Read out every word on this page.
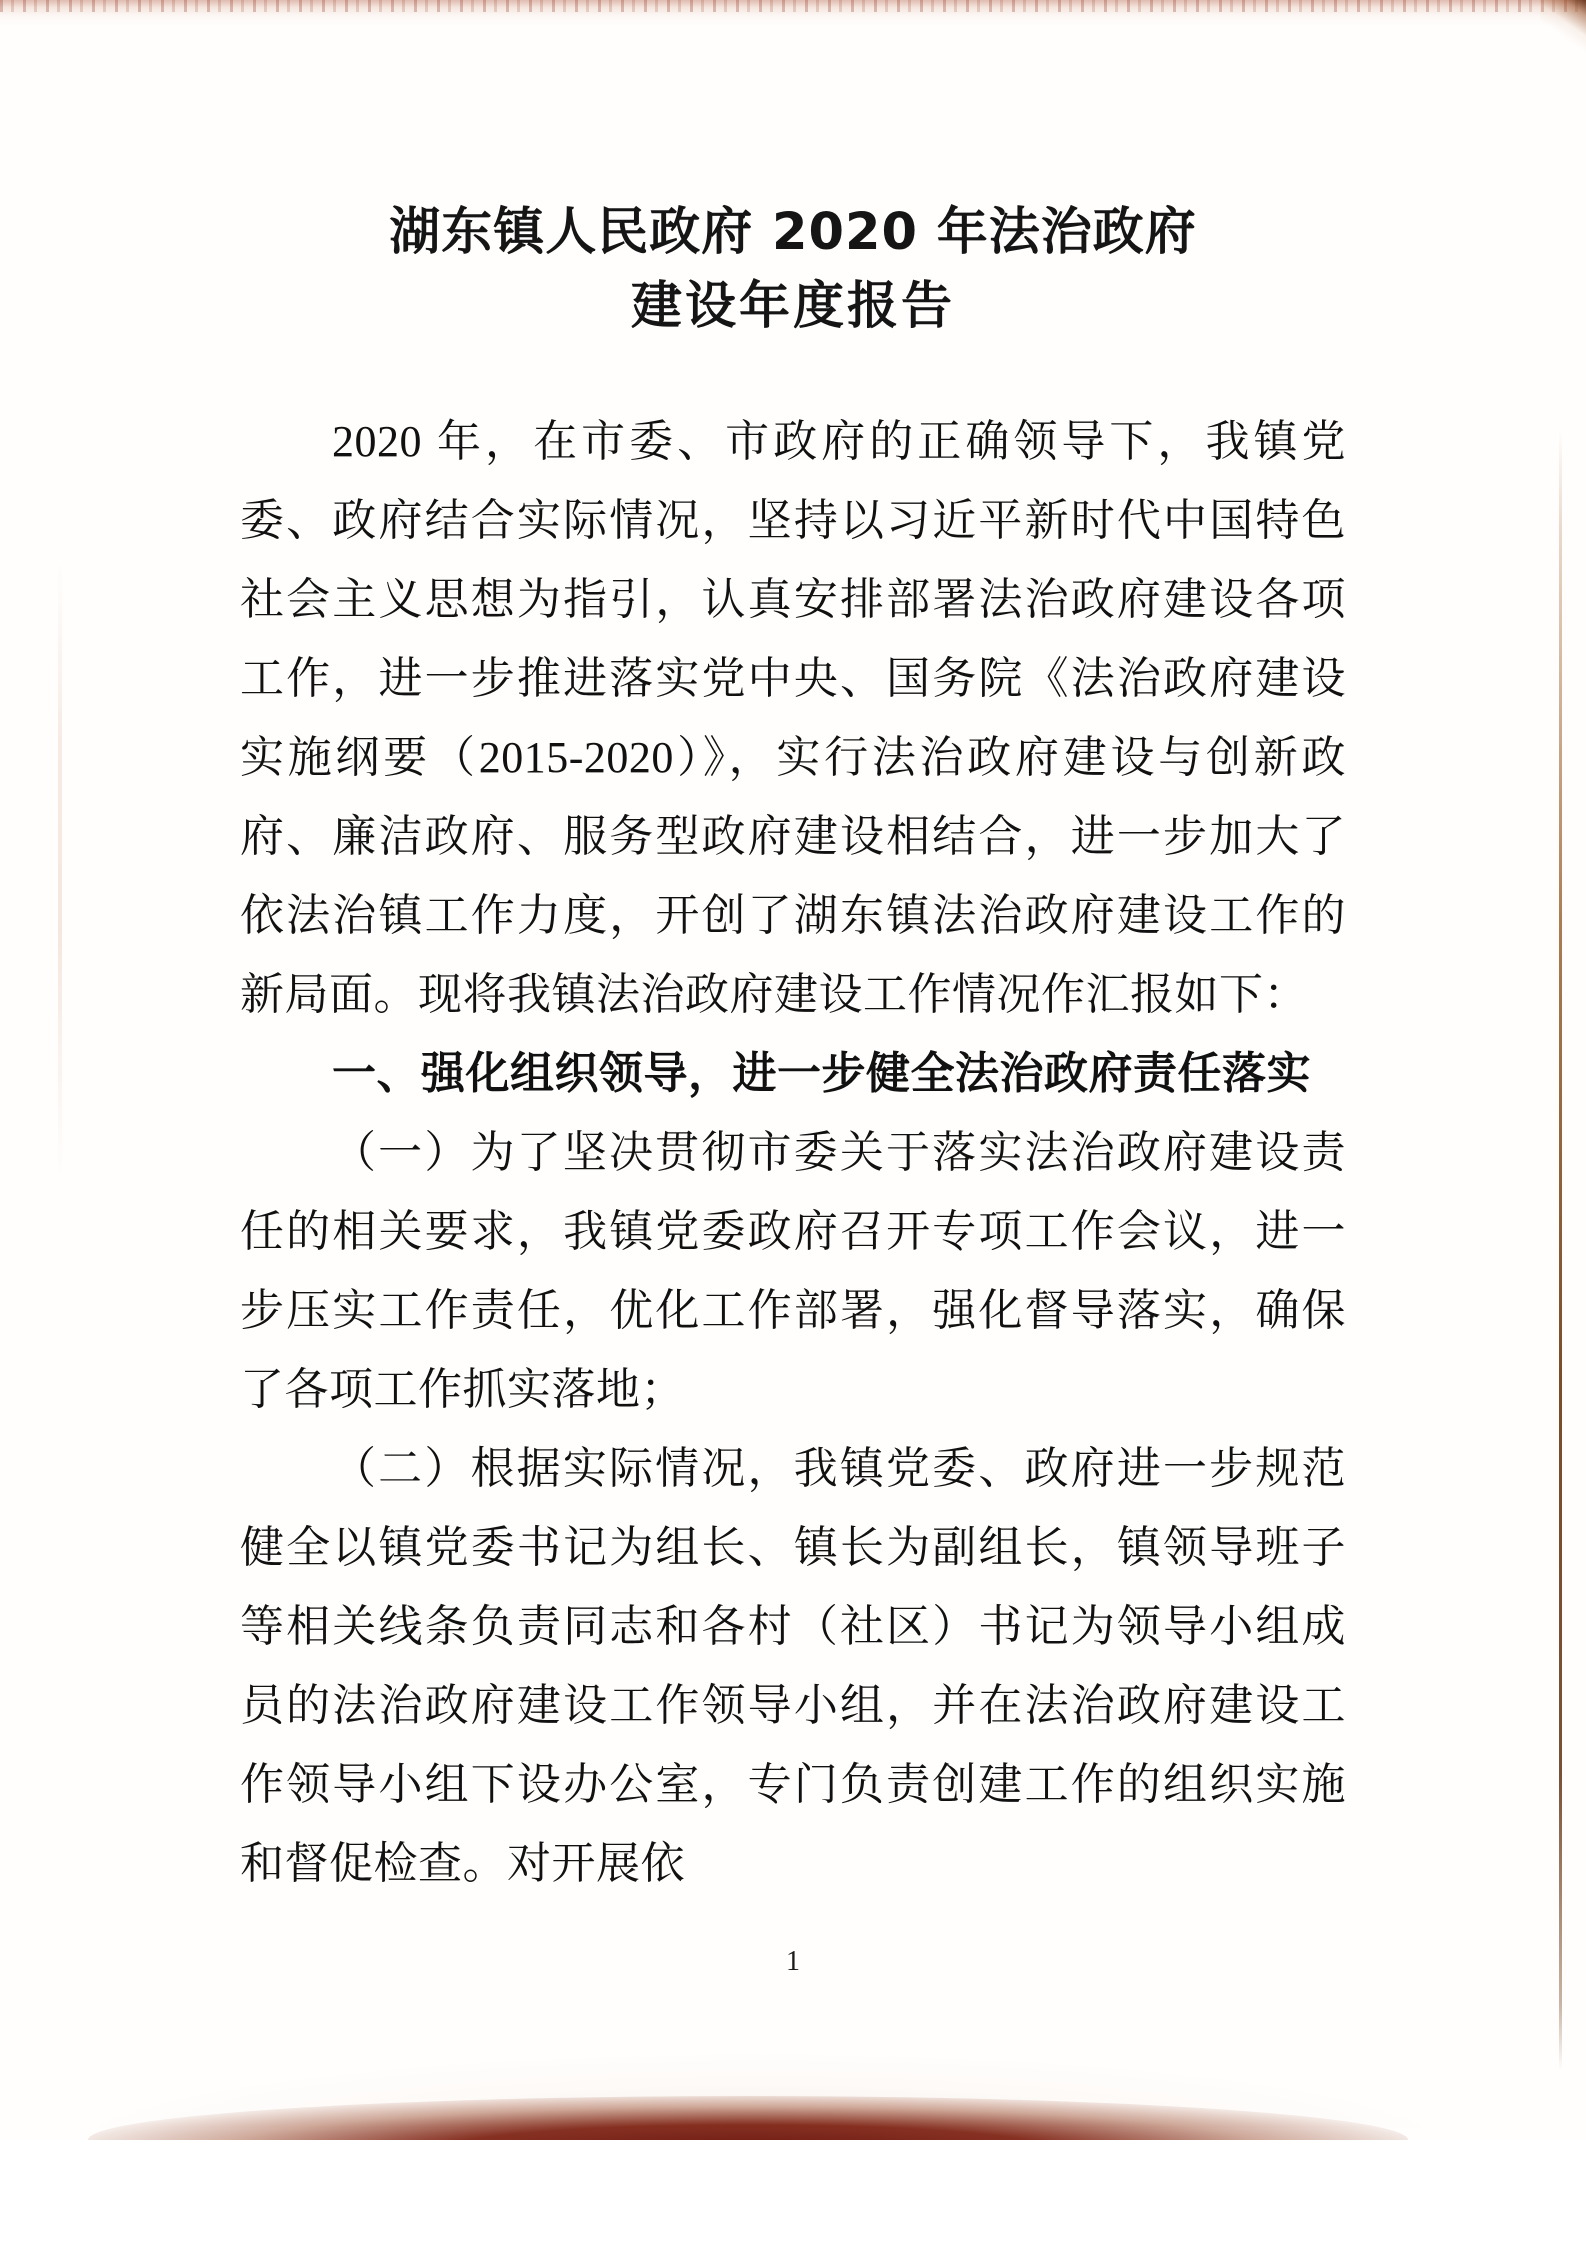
湖东镇人民政府 2020 年法治政府
建设年度报告

2020 年，在市委、市政府的正确领导下，我镇党委、政府结合实际情况，坚持以习近平新时代中国特色社会主义思想为指引，认真安排部署法治政府建设各项工作，进一步推进落实党中央、国务院《法治政府建设实施纲要（2015-2020）》，实行法治政府建设与创新政府、廉洁政府、服务型政府建设相结合，进一步加大了依法治镇工作力度，开创了湖东镇法治政府建设工作的新局面。现将我镇法治政府建设工作情况作汇报如下：

一、强化组织领导，进一步健全法治政府责任落实

（一）为了坚决贯彻市委关于落实法治政府建设责任的相关要求，我镇党委政府召开专项工作会议，进一步压实工作责任，优化工作部署，强化督导落实，确保了各项工作抓实落地；

（二）根据实际情况，我镇党委、政府进一步规范健全以镇党委书记为组长、镇长为副组长，镇领导班子等相关线条负责同志和各村（社区）书记为领导小组成员的法治政府建设工作领导小组，并在法治政府建设工作领导小组下设办公室，专门负责创建工作的组织实施和督促检查。对开展依

1
